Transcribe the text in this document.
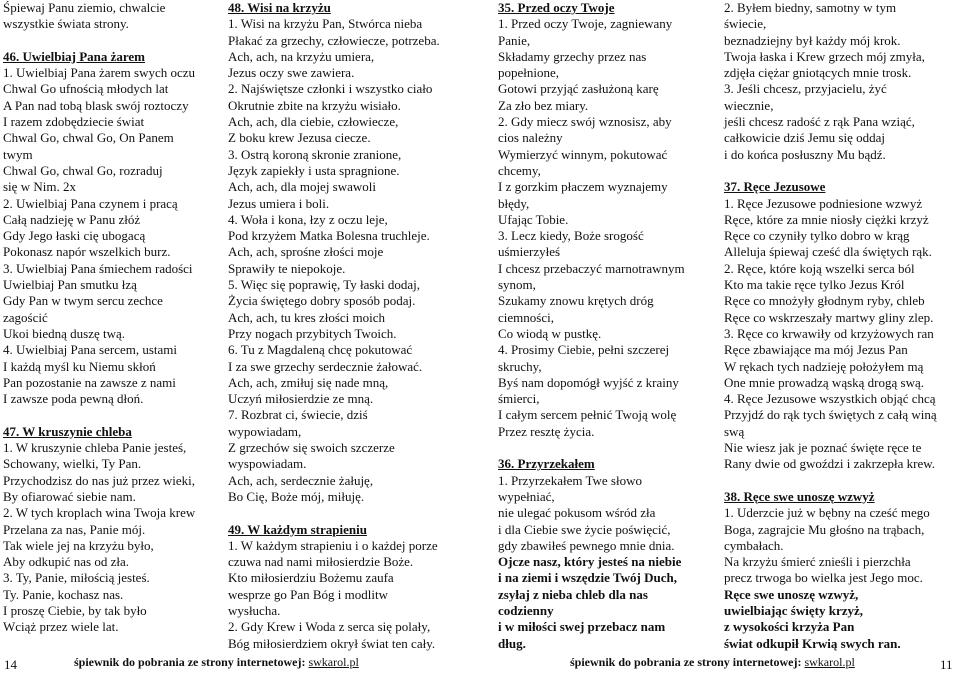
Śpiewaj Panu ziemio, chwalcie
wszystkie świata strony.
46. Uwielbiaj Pana żarem
1. Uwielbiaj Pana żarem swych oczu
Chwal Go ufnością młodych lat
A Pan nad tobą blask swój roztoczy
I razem zdobędziecie świat
Chwal Go, chwal Go, On Panem
twym
Chwal Go, chwal Go, rozraduj
się w Nim. 2x
2. Uwielbiaj Pana czynem i pracą
Całą nadzieję w Panu złóż
Gdy Jego łaski cię ubogacą
Pokonasz napór wszelkich burz.
3. Uwielbiaj Pana śmiechem radości
Uwielbiaj Pan smutku łzą
Gdy Pan w twym sercu zechce
zagościć
Ukoi biedną duszę twą.
4. Uwielbiaj Pana sercem, ustami
I każdą myśl ku Niemu skłoń
Pan pozostanie na zawsze z nami
I zawsze poda pewną dłoń.
47. W kruszynie chleba
1. W kruszynie chleba Panie jesteś,
Schowany, wielki, Ty Pan.
Przychodzisz do nas już przez wieki,
By ofiarować siebie nam.
2. W tych kroplach wina Twoja krew
Przelana za nas, Panie mój.
Tak wiele jej na krzyżu było,
Aby odkupić nas od zła.
3. Ty, Panie, miłością jesteś.
Ty. Panie, kochasz nas.
I proszę Ciebie, by tak było
Wciąż przez wiele lat.
48. Wisi na krzyżu
1. Wisi na krzyżu Pan, Stwórca nieba
Płakać za grzechy, człowiecze, potrzeba.
Ach, ach, na krzyżu umiera,
Jezus oczy swe zawiera.
2. Najświętsze członki i wszystko ciało
Okrutnie zbite na krzyżu wisiało.
Ach, ach, dla ciebie, człowiecze,
Z boku krew Jezusa ciecze.
3. Ostrą koroną skronie zranione,
Język zapiekły i usta spragnione.
Ach, ach, dla mojej swawoli
Jezus umiera i boli.
4. Woła i kona, łzy z oczu leje,
Pod krzyżem Matka Bolesna truchleje.
Ach, ach, sprośne złości moje
Sprawiły te niepokoje.
5. Więc się poprawię, Ty łaski dodaj,
Życia świętego dobry sposób podaj.
Ach, ach, tu kres złości moich
Przy nogach przybitych Twoich.
6. Tu z Magdaleną chcę pokutować
I za swe grzechy serdecznie żałować.
Ach, ach, zmiłuj się nade mną,
Uczyń miłosierdzie ze mną.
7. Rozbrat ci, świecie, dziś
wypowiadam,
Z grzechów się swoich szczerze
wyspowiadam.
Ach, ach, serdecznie żałuję,
Bo Cię, Boże mój, miłuję.
49. W każdym strapieniu
1. W każdym strapieniu i o każdej porze
czuwa nad nami miłosierdzie Boże.
Kto miłosierdziu Bożemu zaufa
wesprze go Pan Bóg i modlitw
wysłucha.
2. Gdy Krew i Woda z serca się polały,
Bóg miłosierdziem okrył świat ten cały.
35. Przed oczy Twoje
1. Przed oczy Twoje, zagniewany
Panie,
Składamy grzechy przez nas
popełnione,
Gotowi przyjąć zasłużoną karę
Za zło bez miary.
2. Gdy miecz swój wznosisz, aby
cios należny
Wymierzyć winnym, pokutować
chcemy,
I z gorzkim płaczem wyznajemy
błędy,
Ufając Tobie.
3. Lecz kiedy, Boże srogość
uśmierzyłeś
I chcesz przebaczyć marnotrawnym
synom,
Szukamy znowu krętych dróg
ciemności,
Co wiodą w pustkę.
4. Prosimy Ciebie, pełni szczerej
skruchy,
Byś nam dopomógł wyjść z krainy
śmierci,
I całym sercem pełnić Twoją wolę
Przez resztę życia.
36. Przyrzekałem
1. Przyrzekałem Twe słowo
wypełniać,
nie ulegać pokusom wśród zła
i dla Ciebie swe życie poświęcić,
gdy zbawiłeś pewnego mnie dnia.
Ojcze nasz, który jesteś na niebie
i na ziemi i wszędzie Twój Duch,
zsyłaj z nieba chleb dla nas
codzienny
i w miłości swej przebacz nam
dług.
2. Byłem biedny, samotny w tym
świecie,
beznadziejny był każdy mój krok.
Twoja łaska i Krew grzech mój zmyła,
zdjęła ciężar gniotących mnie trosk.
3. Jeśli chcesz, przyjacielu, żyć
wiecznie,
jeśli chcesz radość z rąk Pana wziąć,
całkowicie dziś Jemu się oddaj
i do końca posłuszny Mu bądź.
37. Ręce Jezusowe
1. Ręce Jezusowe podniesione wzwyż
Ręce, które za mnie niosły ciężki krzyż
Ręce co czyniły tylko dobro w krąg
Alleluja śpiewaj cześć dla świętych rąk.
2. Ręce, które koją wszelki serca ból
Kto ma takie ręce tylko Jezus Król
Ręce co mnożyły głodnym ryby, chleb
Ręce co wskrzeszały martwy gliny zlep.
3. Ręce co krwawiły od krzyżowych ran
Ręce zbawiające ma mój Jezus Pan
W rękach tych nadzieję położyłem mą
One mnie prowadzą wąską drogą swą.
4. Ręce Jezusowe wszystkich objąć chcą
Przyjdź do rąk tych świętych z całą winą
swą
Nie wiesz jak je poznać święte ręce te
Rany dwie od gwoździ i zakrzepła krew.
38. Ręce swe unoszę wzwyż
1. Uderzcie już w bębny na cześć mego
Boga, zagrajcie Mu głośno na trąbach,
cymbałach.
Na krzyżu śmierć znieśli i pierzchła
precz trwoga bo wielka jest Jego moc.
Ręce swe unoszę wzwyż,
uwielbiając święty krzyż,
z wysokości krzyża Pan
świat odkupił Krwią swych ran.
14	śpiewnik do pobrania ze strony internetowej: swkarol.pl	śpiewnik do pobrania ze strony internetowej: swkarol.pl	11
